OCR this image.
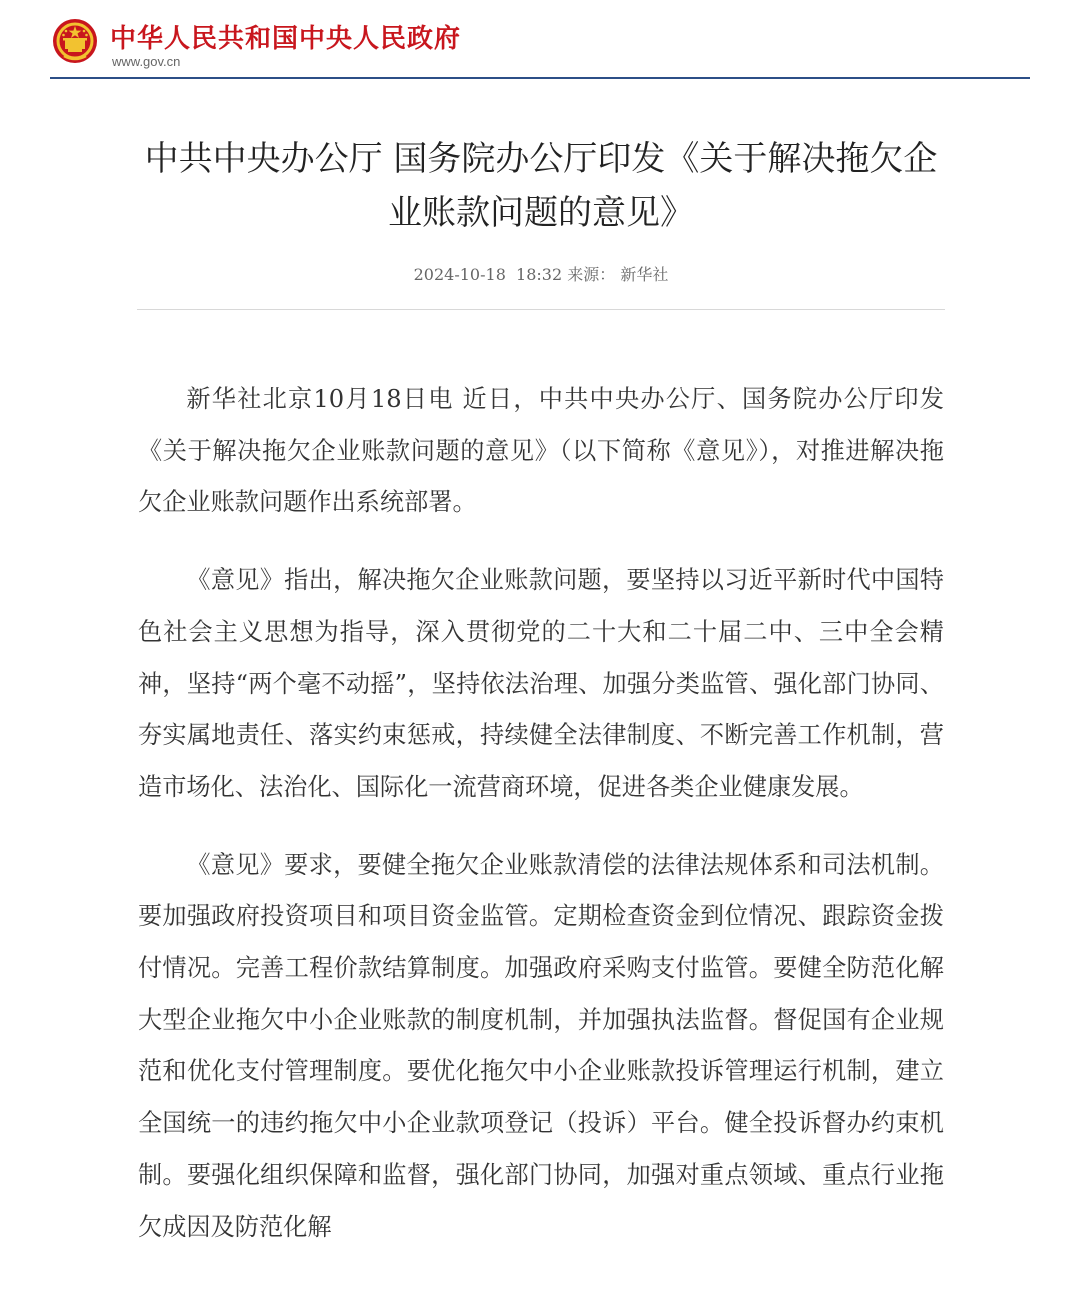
中华人民共和国中央人民政府
www.gov.cn
中共中央办公厅 国务院办公厅印发《关于解决拖欠企业账款问题的意见》
2024-10-18 18:32 来源： 新华社

新华社北京10月18日电 近日，中共中央办公厅、国务院办公厅印发《关于解决拖欠企业账款问题的意见》（以下简称《意见》），对推进解决拖欠企业账款问题作出系统部署。

《意见》指出，解决拖欠企业账款问题，要坚持以习近平新时代中国特色社会主义思想为指导，深入贯彻党的二十大和二十届二中、三中全会精神，坚持“两个毫不动摇”，坚持依法治理、加强分类监管、强化部门协同、夯实属地责任、落实约束惩戒，持续健全法律制度、不断完善工作机制，营造市场化、法治化、国际化一流营商环境，促进各类企业健康发展。

《意见》要求，要健全拖欠企业账款清偿的法律法规体系和司法机制。要加强政府投资项目和项目资金监管。定期检查资金到位情况、跟踪资金拨付情况。完善工程价款结算制度。加强政府采购支付监管。要健全防范化解大型企业拖欠中小企业账款的制度机制，并加强执法监督。督促国有企业规范和优化支付管理制度。要优化拖欠中小企业账款投诉管理运行机制，建立全国统一的违约拖欠中小企业款项登记（投诉）平台。健全投诉督办约束机制。要强化组织保障和监督，强化部门协同，加强对重点领域、重点行业拖欠成因及防范化解
